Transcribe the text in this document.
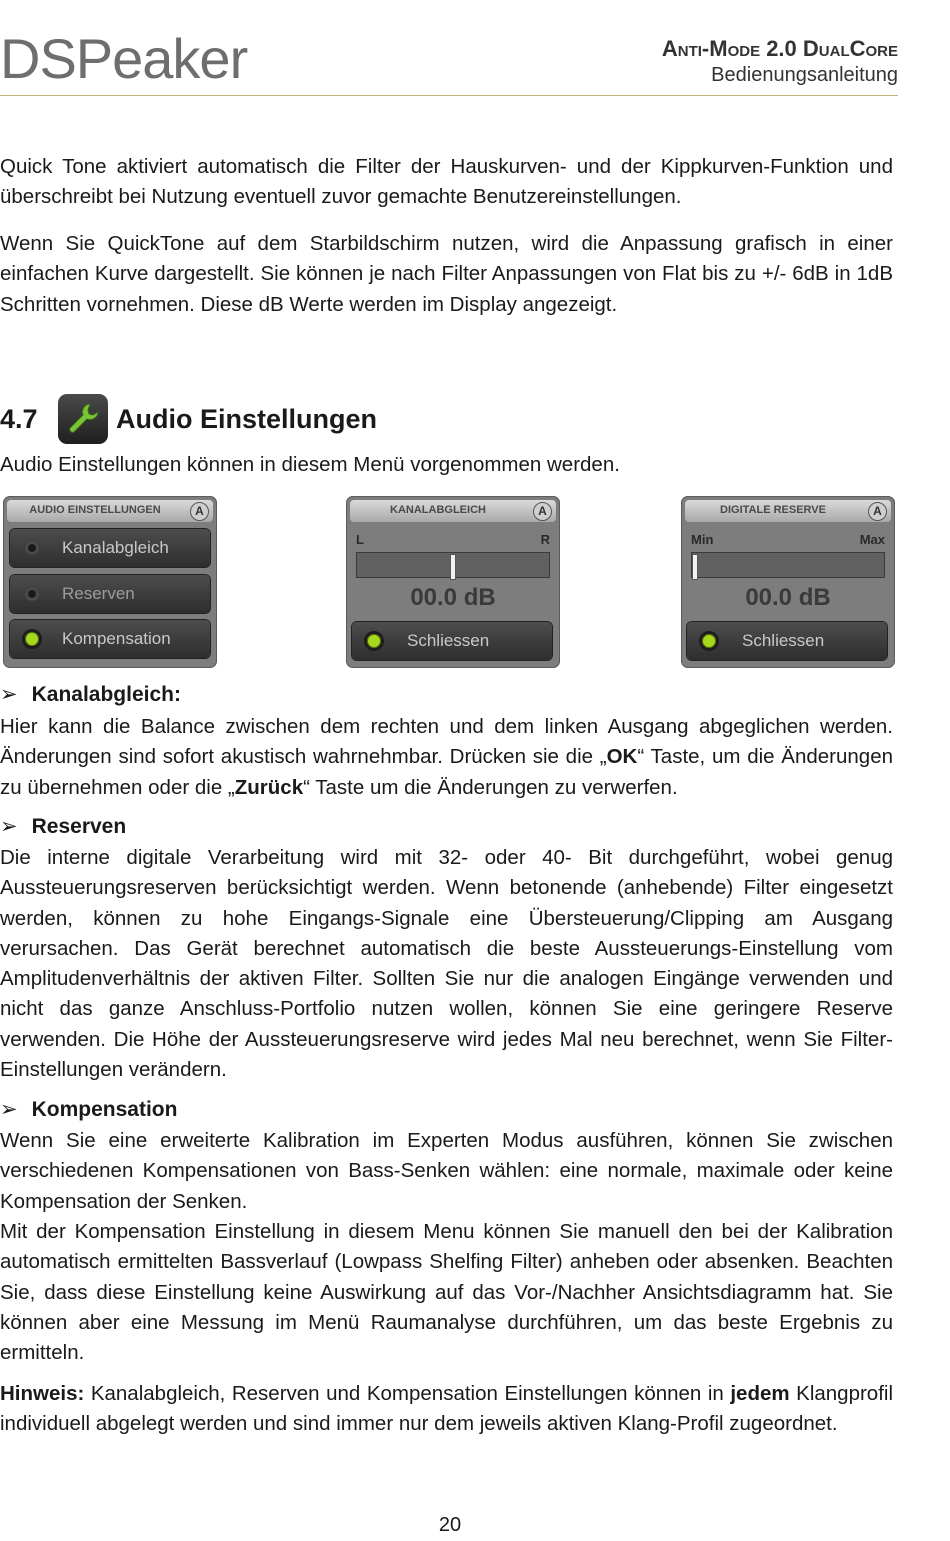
DSPeaker	Anti-Mode 2.0 DualCore
Bedienungsanleitung

Quick Tone aktiviert automatisch die Filter der Hauskurven- und der Kippkurven-Funktion und überschreibt bei Nutzung eventuell zuvor gemachte Benutzereinstellungen.

Wenn Sie QuickTone auf dem Starbildschirm nutzen, wird die Anpassung grafisch in einer einfachen Kurve dargestellt. Sie können je nach Filter Anpassungen von Flat bis zu +/- 6dB in 1dB Schritten vornehmen. Diese dB Werte werden im Display angezeigt.

4.7	Audio Einstellungen

Audio Einstellungen können in diesem Menü vorgenommen werden.

AUDIO EINSTELLUNGEN	A
Kanalabgleich
Reserven
Kompensation
KANALABGLEICH	A
L	R
00.0 dB
Schliessen
DIGITALE RESERVE	A
Min	Max
00.0 dB
Schliessen
➢ Kanalabgleich:

Hier kann die Balance zwischen dem rechten und dem linken Ausgang abgeglichen werden. Änderungen sind sofort akustisch wahrnehmbar. Drücken sie die „OK“ Taste, um die Änderungen zu übernehmen oder die „Zurück“ Taste um die Änderungen zu verwerfen.

➢ Reserven

Die interne digitale Verarbeitung wird mit 32- oder 40- Bit durchgeführt, wobei genug Aussteuerungsreserven berücksichtigt werden. Wenn betonende (anhebende) Filter eingesetzt werden, können zu hohe Eingangs-Signale eine Übersteuerung/Clipping am Ausgang verursachen. Das Gerät berechnet automatisch die beste Aussteuerungs-Einstellung vom Amplitudenverhältnis der aktiven Filter. Sollten Sie nur die analogen Eingänge verwenden und nicht das ganze Anschluss-Portfolio nutzen wollen, können Sie eine geringere Reserve verwenden. Die Höhe der Aussteuerungsreserve wird jedes Mal neu berechnet, wenn Sie Filter-Einstellungen verändern.

➢ Kompensation

Wenn Sie eine erweiterte Kalibration im Experten Modus ausführen, können Sie zwischen verschiedenen Kompensationen von Bass-Senken wählen: eine normale, maximale oder keine Kompensation der Senken.

Mit der Kompensation Einstellung in diesem Menu können Sie manuell den bei der Kalibration automatisch ermittelten Bassverlauf (Lowpass Shelfing Filter) anheben oder absenken. Beachten Sie, dass diese Einstellung keine Auswirkung auf das Vor-/Nachher Ansichtsdiagramm hat. Sie können aber eine Messung im Menü Raumanalyse durchführen, um das beste Ergebnis zu ermitteln.

Hinweis: Kanalabgleich, Reserven und Kompensation Einstellungen können in jedem Klangprofil individuell abgelegt werden und sind immer nur dem jeweils aktiven Klang-Profil zugeordnet.

20
